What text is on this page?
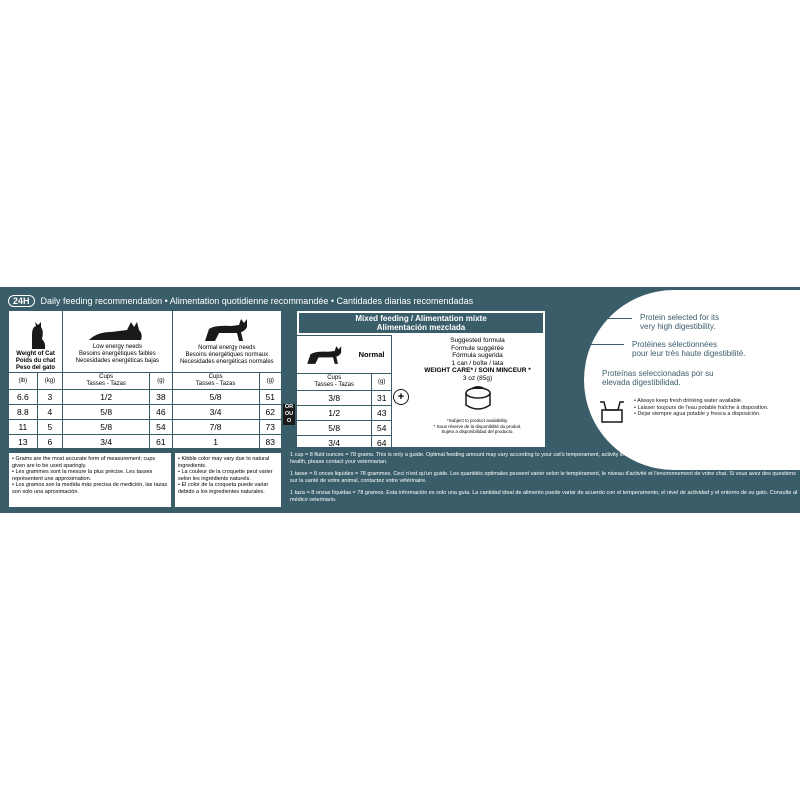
24H	Daily feeding recommendation • Alimentation quotidienne recommandée • Cantidades diarias recomendadas
Weight of Cat
Poids du chat
Peso del gato		Low energy needs
Besoins énergétiques faibles
Necesidades energéticas bajas		Normal energy needs
Besoins énergétiques normaux
Necesidades energéticas normales	

(lb)	(kg)	Cups
Tasses - Tazas	(g)	Cups
Tasses - Tazas	(g)
6.6	3	1/2	38	5/8	51
8.8	4	5/8	46	3/4	62
11	5	5/8	54	7/8	73
13	6	3/4	61	1	83
OR
OU
O
Mixed feeding / Alimentation mixte
Alimentación mezclada
Normal	

Cups
Tasses - Tazas	(g)
3/8	31
1/2	43
5/8	54
3/4	64
+
Suggested formula
Formule suggérée
Fórmula sugerida
1 can / boîte / lata
WEIGHT CARE* / SOIN MINCEUR *
3 oz (85g)
*Subject to product availability.
* Sous réserve de la disponibilité du produit.
Sujeto a disponibilidad del producto.
Protein selected for its
very high digestibility.
Protéines sélectionnées
pour leur très haute digestibilité.
Proteínas seleccionadas por su
elevada digestibilidad.
• Always keep fresh drinking water available.
• Laisser toujours de l'eau potable fraîche à disposition.
• Dejar siempre agua potable y fresca a disposición.
• Grams are the most accurate form of measurement; cups given are to be used sparingly.
• Les grammes sont la mesure la plus précise. Les tasses représentent une approximation.
• Los gramos son la medida más precisa de medición, las tazas son solo una aproximación.
• Kibble color may vary due to natural ingredients.
• La couleur de la croquette peut varier selon les ingrédients naturels.
• El color de la croqueta puede variar debido a los ingredientes naturales.
1 cup = 8 fluid ounces = 78 grams. This is only a guide. Optimal feeding amount may vary according to your cat's temperament, activity level and environment. If you have any questions regarding your pet's health, please contact your veterinarian.
1 tasse = 8 onces liquides = 78 grammes. Ceci n'est qu'un guide. Les quantités optimales peuvent varier selon le tempérament, le niveau d'activité et l'environnement de votre chat. Si vous avez des questions sur la santé de votre animal, contactez votre vétérinaire.
1 taza = 8 onzas líquidas = 78 gramos. Esta información es solo una guía. La cantidad ideal de alimento puede variar de acuerdo con el temperamento, el nivel de actividad y el entorno de su gato. Consulte al médico veterinario.
